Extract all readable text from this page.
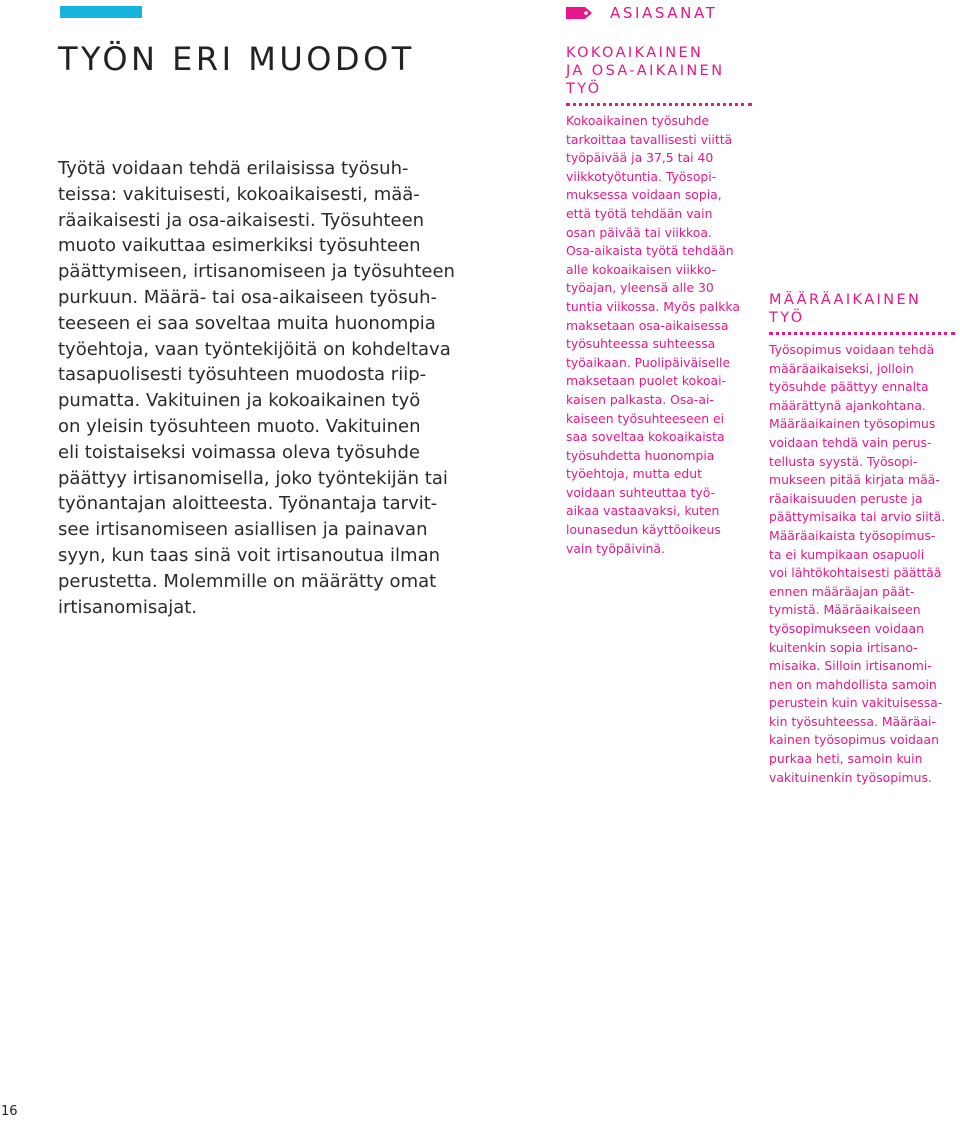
TYÖN ERI MUODOT
Työtä voidaan tehdä erilaisissa työsuh-
teissa: vakituisesti, kokoaikaisesti, mää-
räaikaisesti ja osa-aikaisesti. Työsuhteen
muoto vaikuttaa esimerkiksi työsuhteen
päättymiseen, irtisanomiseen ja työsuhteen
purkuun. Määrä- tai osa-aikaiseen työsuh-
teeseen ei saa soveltaa muita huonompia
työehtoja, vaan työntekijöitä on kohdeltava
tasapuolisesti työsuhteen muodosta riip-
pumatta. Vakituinen ja kokoaikainen työ
on yleisin työsuhteen muoto. Vakituinen
eli toistaiseksi voimassa oleva työsuhde
päättyy irtisanomisella, joko työntekijän tai
työnantajan aloitteesta. Työnantaja tarvit-
see irtisanomiseen asiallisen ja painavan
syyn, kun taas sinä voit irtisanoutua ilman
perustetta. Molemmille on määrätty omat
irtisanomisajat.
ASIASANAT
KOKOAIKAINEN
JA OSA-AIKAINEN
TYÖ
Kokoaikainen työsuhde
tarkoittaa tavallisesti viittä
työpäivää ja 37,5 tai 40
viikkotyötuntia. Työsopi-
muksessa voidaan sopia,
että työtä tehdään vain
osan päivää tai viikkoa.
Osa-aikaista työtä tehdään
alle kokoaikaisen viikko-
työajan, yleensä alle 30
tuntia viikossa. Myös palkka
maksetaan osa-aikaisessa
työsuhteessa suhteessa
työaikaan. Puolipäiväiselle
maksetaan puolet kokoai-
kaisen palkasta. Osa-ai-
kaiseen työsuhteeseen ei
saa soveltaa kokoaikaista
työsuhdetta huonompia
työehtoja, mutta edut
voidaan suhteuttaa työ-
aikaa vastaavaksi, kuten
lounasedun käyttöoikeus
vain työpäivinä.
MÄÄRÄAIKAINEN
TYÖ
Työsopimus voidaan tehdä
määräaikaiseksi, jolloin
työsuhde päättyy ennalta
määrättynä ajankohtana.
Määräaikainen työsopimus
voidaan tehdä vain perus-
tellusta syystä. Työsopi-
mukseen pitää kirjata mää-
räaikaisuuden peruste ja
päättymisaika tai arvio siitä.
Määräaikaista työsopimus-
ta ei kumpikaan osapuoli
voi lähtökohtaisesti päättää
ennen määräajan päät-
tymistä. Määräaikaiseen
työsopimukseen voidaan
kuitenkin sopia irtisano-
misaika. Silloin irtisanomi-
nen on mahdollista samoin
perustein kuin vakituisessa-
kin työsuhteessa. Määräai-
kainen työsopimus voidaan
purkaa heti, samoin kuin
vakituinenkin työsopimus.
16
